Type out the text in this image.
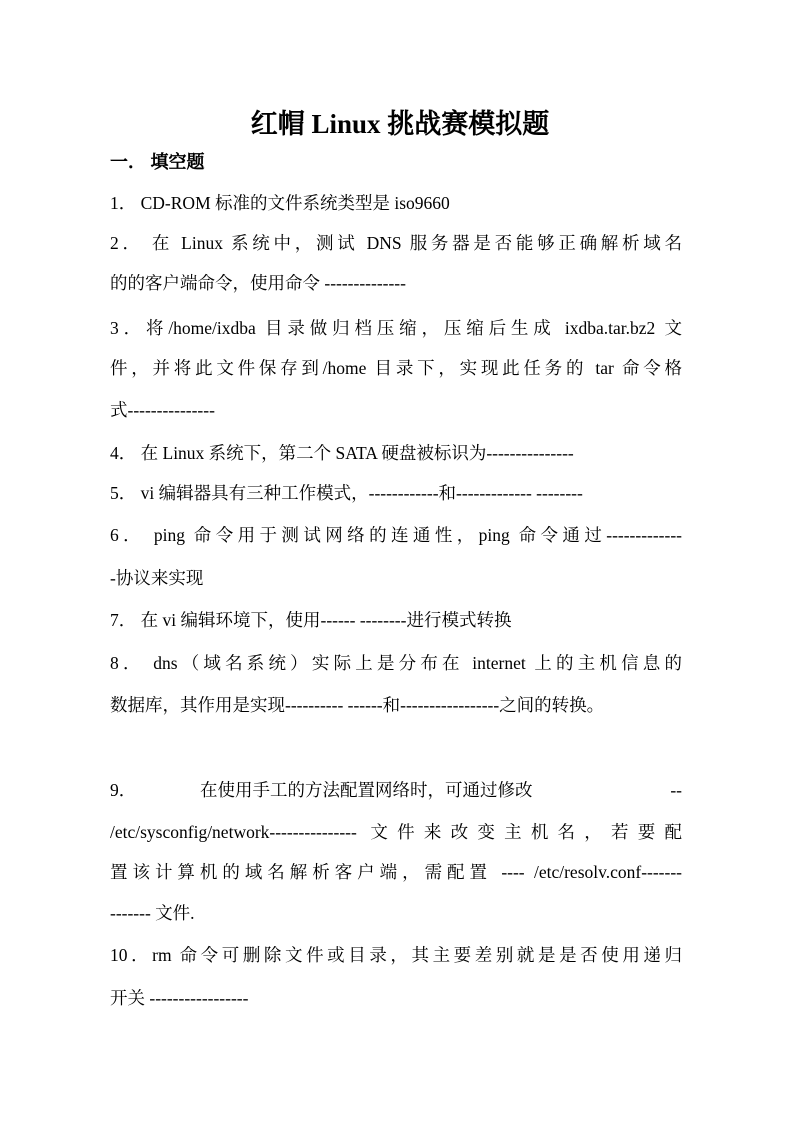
红帽 Linux 挑战赛模拟题
一． 填空题
1． CD-ROM 标准的文件系统类型是 iso9660
2． 在 Linux 系统中，测试 DNS 服务器是否能够正确解析域名
的的客户端命令，使用命令 --------------
3．将/home/ixdba 目录做归档压缩，压缩后生成 ixdba.tar.bz2 文
件，并将此文件保存到/home 目录下，实现此任务的 tar 命令格
式---------------
4． 在 Linux 系统下，第二个 SATA 硬盘被标识为---------------
5． vi 编辑器具有三种工作模式，------------和------------- --------
6． ping 命令用于测试网络的连通性，ping 命令通过-------------
-协议来实现
7． 在 vi 编辑环境下，使用------ --------进行模式转换
8． dns（域名系统）实际上是分布在 internet 上的主机信息的
数据库，其作用是实现---------- ------和-----------------之间的转换。
9．	在使用手工的方法配置网络时，可通过修改	--
/etc/sysconfig/network--------------- 文件来改变主机名，若要配
置该计算机的域名解析客户端，需配置 ---- /etc/resolv.conf-------
------- 文件.
10．rm 命令可删除文件或目录，其主要差别就是是否使用递归
开关 -----------------
